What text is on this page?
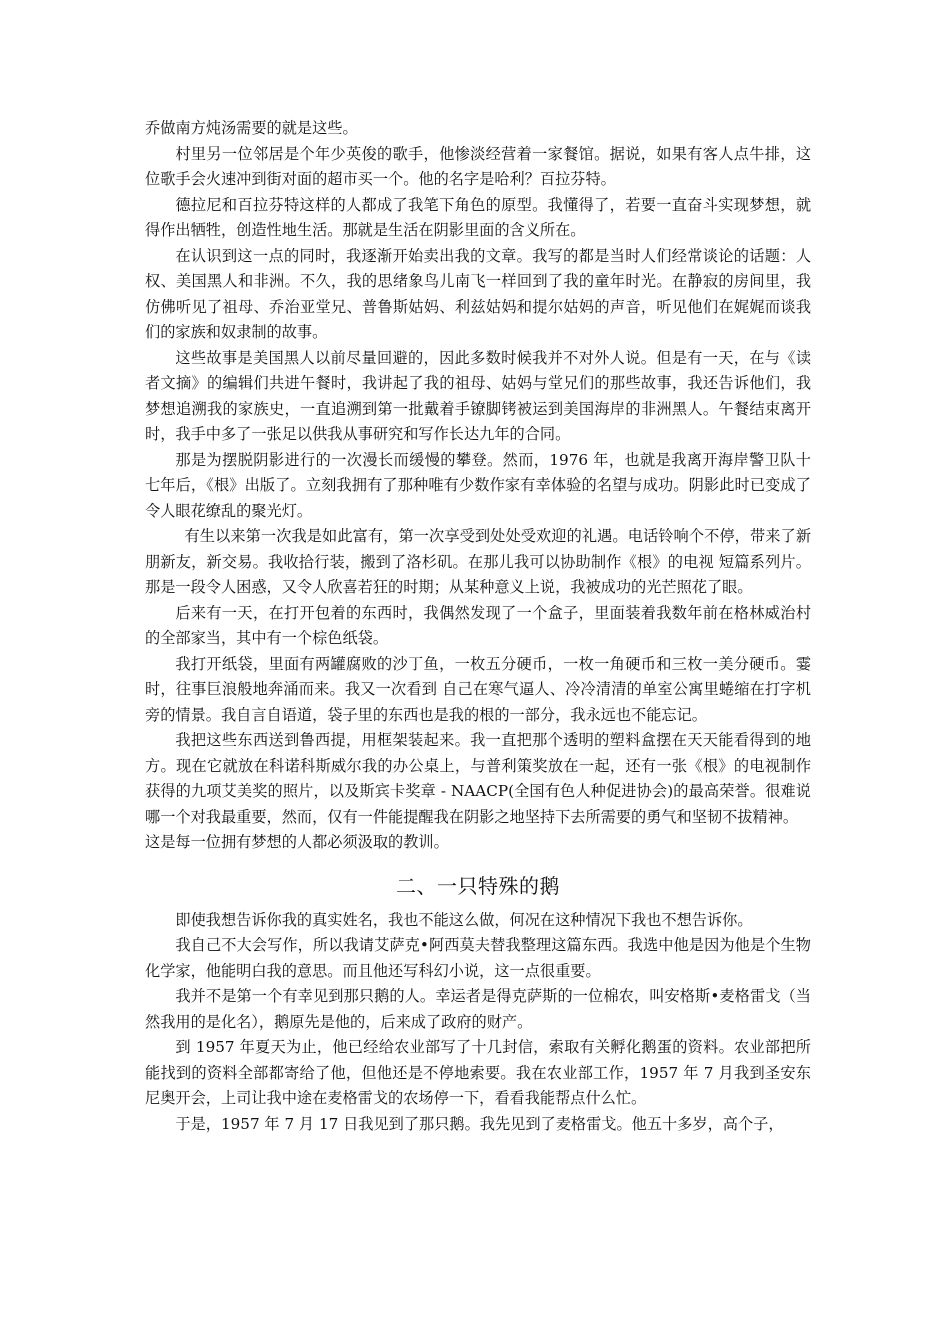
乔做南方炖汤需要的就是这些。

村里另一位邻居是个年少英俊的歌手，他惨淡经营着一家餐馆。据说，如果有客人点牛排，这位歌手会火速冲到街对面的超市买一个。他的名字是哈利？百拉芬特。

德拉尼和百拉芬特这样的人都成了我笔下角色的原型。我懂得了，若要一直奋斗实现梦想，就得作出牺牲，创造性地生活。那就是生活在阴影里面的含义所在。

在认识到这一点的同时，我逐渐开始卖出我的文章。我写的都是当时人们经常谈论的话题：人权、美国黑人和非洲。不久，我的思绪象鸟儿南飞一样回到了我的童年时光。在静寂的房间里，我仿佛听见了祖母、乔治亚堂兄、普鲁斯姑妈、利兹姑妈和提尔姑妈的声音，听见他们在娓娓而谈我们的家族和奴隶制的故事。

这些故事是美国黑人以前尽量回避的，因此多数时候我并不对外人说。但是有一天，在与《读者文摘》的编辑们共进午餐时，我讲起了我的祖母、姑妈与堂兄们的那些故事，我还告诉他们，我梦想追溯我的家族史，一直追溯到第一批戴着手镣脚铐被运到美国海岸的非洲黑人。午餐结束离开时，我手中多了一张足以供我从事研究和写作长达九年的合同。

那是为摆脱阴影进行的一次漫长而缓慢的攀登。然而，1976 年，也就是我离开海岸警卫队十七年后，《根》出版了。立刻我拥有了那种唯有少数作家有幸体验的名望与成功。阴影此时已变成了令人眼花缭乱的聚光灯。

有生以来第一次我是如此富有，第一次享受到处处受欢迎的礼遇。电话铃响个不停，带来了新朋新友，新交易。我收拾行装，搬到了洛杉矶。在那儿我可以协助制作《根》的电视 短篇系列片。那是一段令人困惑，又令人欣喜若狂的时期；从某种意义上说，我被成功的光芒照花了眼。

后来有一天，在打开包着的东西时，我偶然发现了一个盒子，里面装着我数年前在格林威治村的全部家当，其中有一个棕色纸袋。

我打开纸袋，里面有两罐腐败的沙丁鱼，一枚五分硬币，一枚一角硬币和三枚一美分硬币。霎时，往事巨浪般地奔涌而来。我又一次看到 自己在寒气逼人、冷冷清清的单室公寓里蜷缩在打字机旁的情景。我自言自语道，袋子里的东西也是我的根的一部分，我永远也不能忘记。

我把这些东西送到鲁西提，用框架装起来。我一直把那个透明的塑料盒摆在天天能看得到的地方。现在它就放在科诺科斯威尔我的办公桌上，与普利策奖放在一起，还有一张《根》的电视制作 获得的九项艾美奖的照片，以及斯宾卡奖章 - NAACP(全国有色人种促进协会)的最高荣誉。很难说哪一个对我最重要，然而，仅有一件能提醒我在阴影之地坚持下去所需要的勇气和坚韧不拔精神。

这是每一位拥有梦想的人都必须汲取的教训。

二、一只特殊的鹅

即使我想告诉你我的真实姓名，我也不能这么做，何况在这种情况下我也不想告诉你。

我自己不大会写作，所以我请艾萨克•阿西莫夫替我整理这篇东西。我选中他是因为他是个生物化学家，他能明白我的意思。而且他还写科幻小说，这一点很重要。

我并不是第一个有幸见到那只鹅的人。幸运者是得克萨斯的一位棉农，叫安格斯•麦格雷戈（当然我用的是化名），鹅原先是他的，后来成了政府的财产。

到 1957 年夏天为止，他已经给农业部写了十几封信，索取有关孵化鹅蛋的资料。农业部把所能找到的资料全部都寄给了他，但他还是不停地索要。我在农业部工作，1957 年 7 月我到圣安东尼奥开会，上司让我中途在麦格雷戈的农场停一下，看看我能帮点什么忙。

于是，1957 年 7 月 17 日我见到了那只鹅。我先见到了麦格雷戈。他五十多岁，高个子，
